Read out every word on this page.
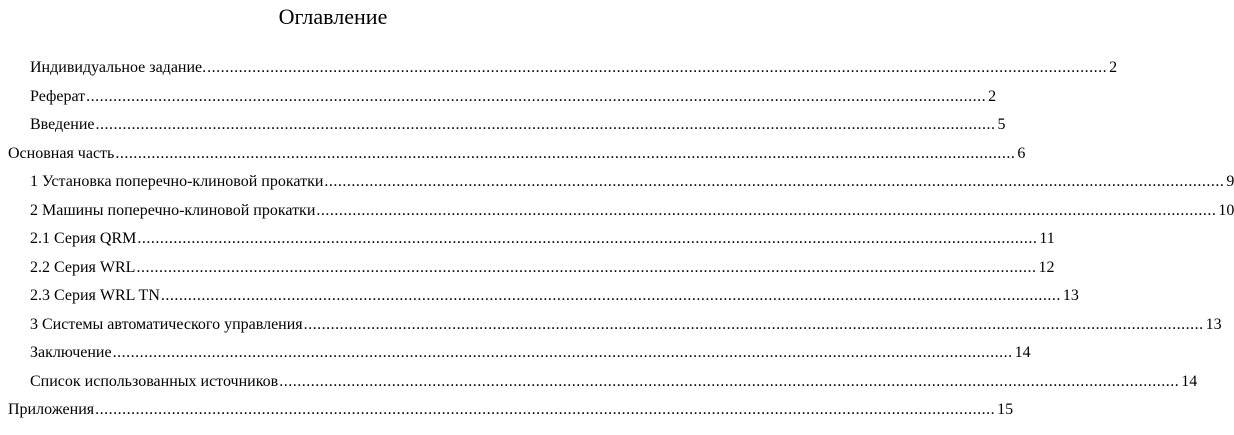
Оглавление
Индивидуальное задание. ........................................................................................................................................................................................................ 2
Реферат ........................................................................................................................................................................................................ 2
Введение ........................................................................................................................................................................................................ 5
Основная часть ........................................................................................................................................................................................................ 6
1 Установка поперечно-клиновой прокатки ........................................................................................................................................................................................................ 9
2 Машины поперечно-клиновой прокатки ........................................................................................................................................................................................................ 10
2.1 Серия QRM ........................................................................................................................................................................................................ 11
2.2 Серия WRL ........................................................................................................................................................................................................ 12
2.3 Серия WRL TN ........................................................................................................................................................................................................ 13
3 Системы автоматического управления ........................................................................................................................................................................................................ 13
Заключение ........................................................................................................................................................................................................ 14
Список использованных источников ........................................................................................................................................................................................................ 14
Приложения ........................................................................................................................................................................................................ 15
